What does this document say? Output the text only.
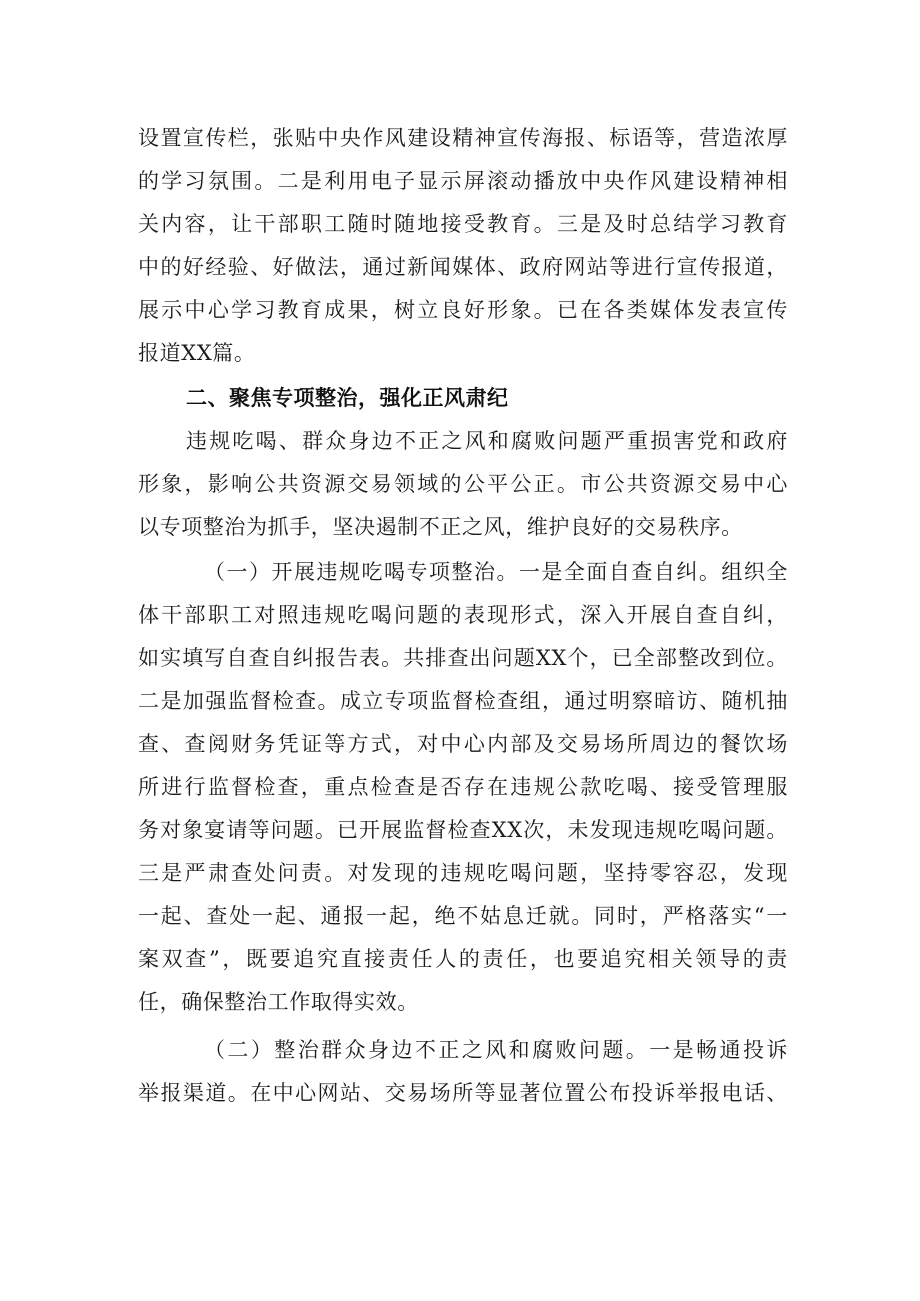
设置宣传栏，张贴中央作风建设精神宣传海报、标语等，营造浓厚
的学习氛围。二是利用电子显示屏滚动播放中央作风建设精神相
关内容，让干部职工随时随地接受教育。三是及时总结学习教育
中的好经验、好做法，通过新闻媒体、政府网站等进行宣传报道，
展示中心学习教育成果，树立良好形象。已在各类媒体发表宣传
报道XX篇。
二、聚焦专项整治，强化正风肃纪
违规吃喝、群众身边不正之风和腐败问题严重损害党和政府
形象，影响公共资源交易领域的公平公正。市公共资源交易中心
以专项整治为抓手，坚决遏制不正之风，维护良好的交易秩序。
（一）开展违规吃喝专项整治。一是全面自查自纠。组织全
体干部职工对照违规吃喝问题的表现形式，深入开展自查自纠，
如实填写自查自纠报告表。共排查出问题XX个，已全部整改到位。
二是加强监督检查。成立专项监督检查组，通过明察暗访、随机抽
查、查阅财务凭证等方式，对中心内部及交易场所周边的餐饮场
所进行监督检查，重点检查是否存在违规公款吃喝、接受管理服
务对象宴请等问题。已开展监督检查XX次，未发现违规吃喝问题。
三是严肃查处问责。对发现的违规吃喝问题，坚持零容忍，发现
一起、查处一起、通报一起，绝不姑息迁就。同时，严格落实“一
案双查”，既要追究直接责任人的责任，也要追究相关领导的责
任，确保整治工作取得实效。
（二）整治群众身边不正之风和腐败问题。一是畅通投诉
举报渠道。在中心网站、交易场所等显著位置公布投诉举报电话、
